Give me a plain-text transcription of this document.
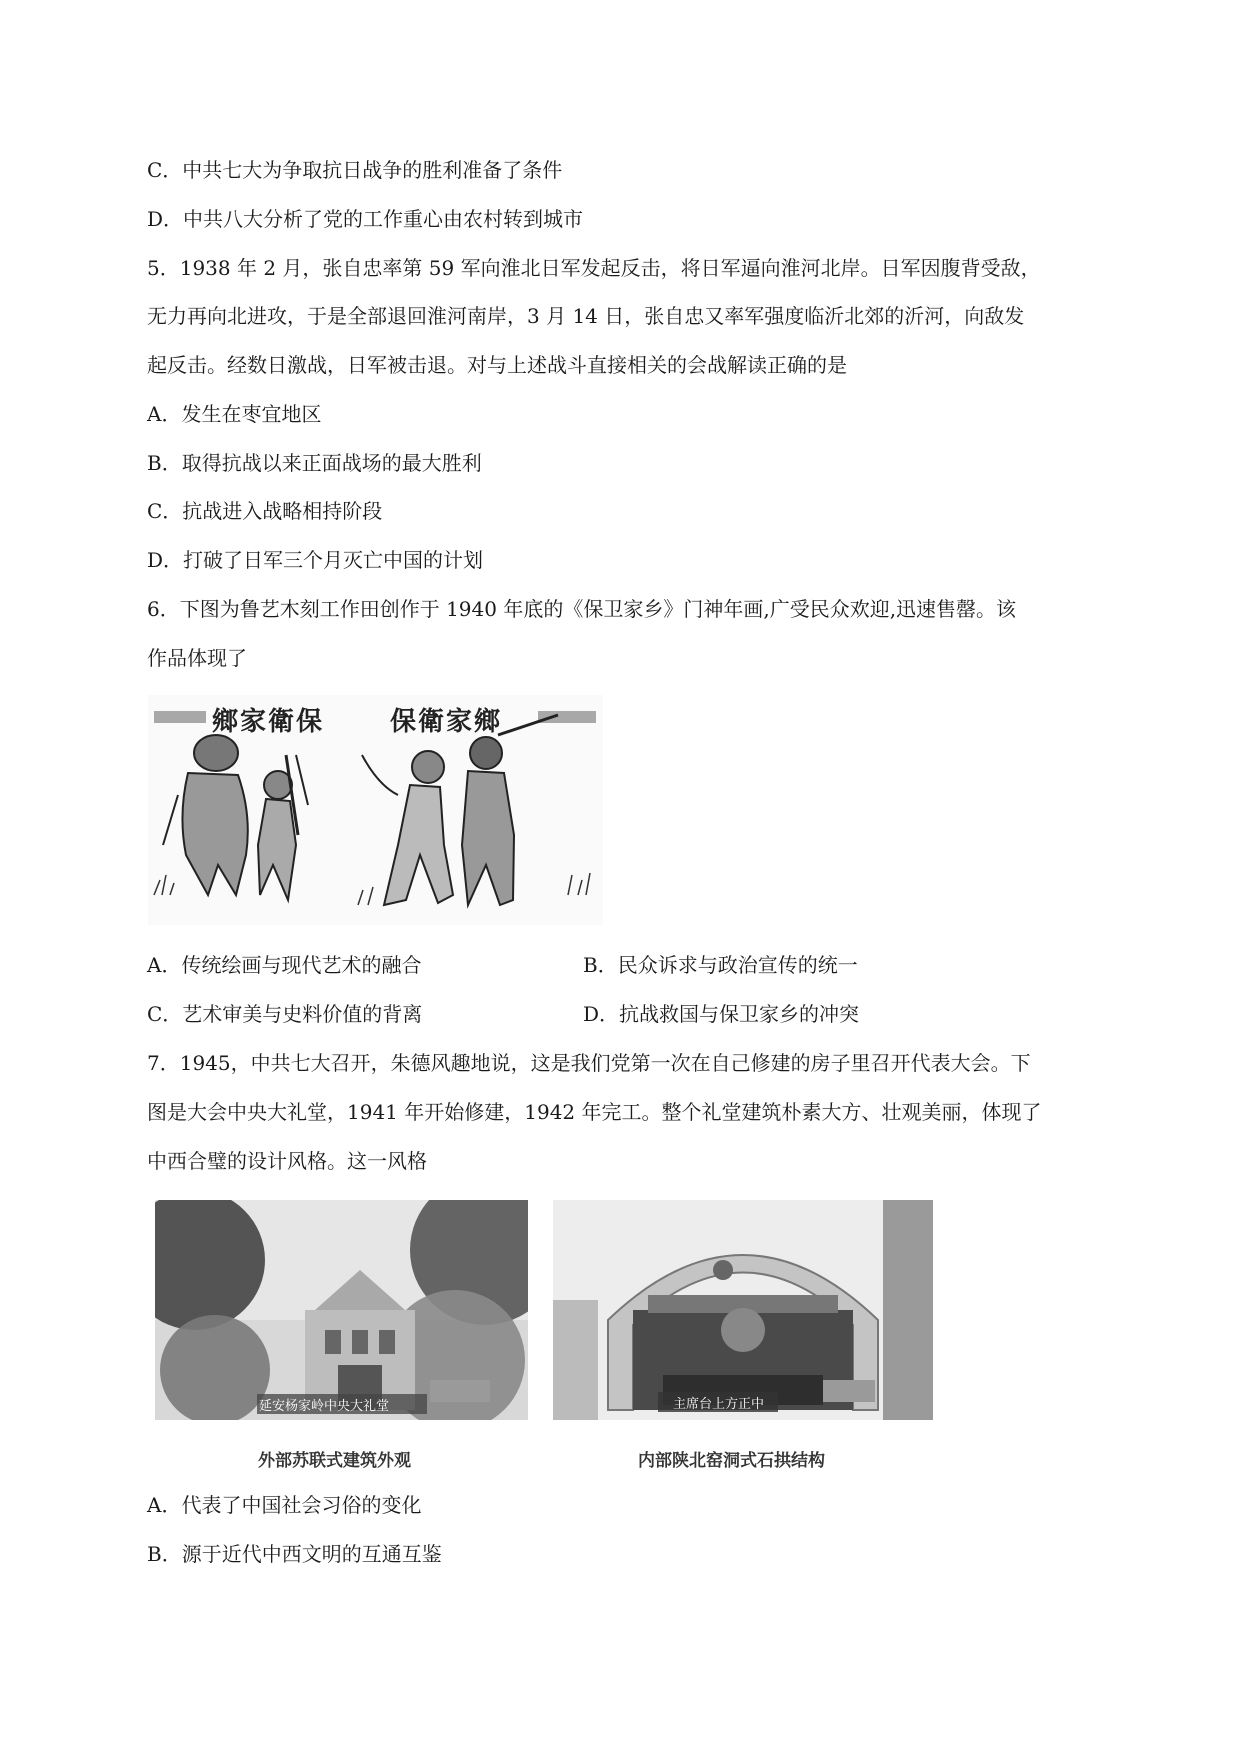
C．中共七大为争取抗日战争的胜利准备了条件
D．中共八大分析了党的工作重心由农村转到城市
5．1938 年 2 月，张自忠率第 59 军向淮北日军发起反击，将日军逼向淮河北岸。日军因腹背受敌，
无力再向北进攻，于是全部退回淮河南岸，3 月 14 日，张自忠又率军强度临沂北郊的沂河，向敌发
起反击。经数日激战，日军被击退。对与上述战斗直接相关的会战解读正确的是
A．发生在枣宜地区
B．取得抗战以来正面战场的最大胜利
C．抗战进入战略相持阶段
D．打破了日军三个月灭亡中国的计划
6．下图为鲁艺木刻工作田创作于 1940 年底的《保卫家乡》门神年画,广受民众欢迎,迅速售罄。该
作品体现了
鄉家衛保	保衛家鄉
A．传统绘画与现代艺术的融合	B．民众诉求与政治宣传的统一
C．艺术审美与史料价值的背离	D．抗战救国与保卫家乡的冲突
7．1945，中共七大召开，朱德风趣地说，这是我们党第一次在自己修建的房子里召开代表大会。下
图是大会中央大礼堂，1941 年开始修建，1942 年完工。整个礼堂建筑朴素大方、壮观美丽，体现了
中西合璧的设计风格。这一风格
延安杨家岭中央大礼堂	主席台上方正中
外部苏联式建筑外观	内部陕北窑洞式石拱结构
A．代表了中国社会习俗的变化
B．源于近代中西文明的互通互鉴
